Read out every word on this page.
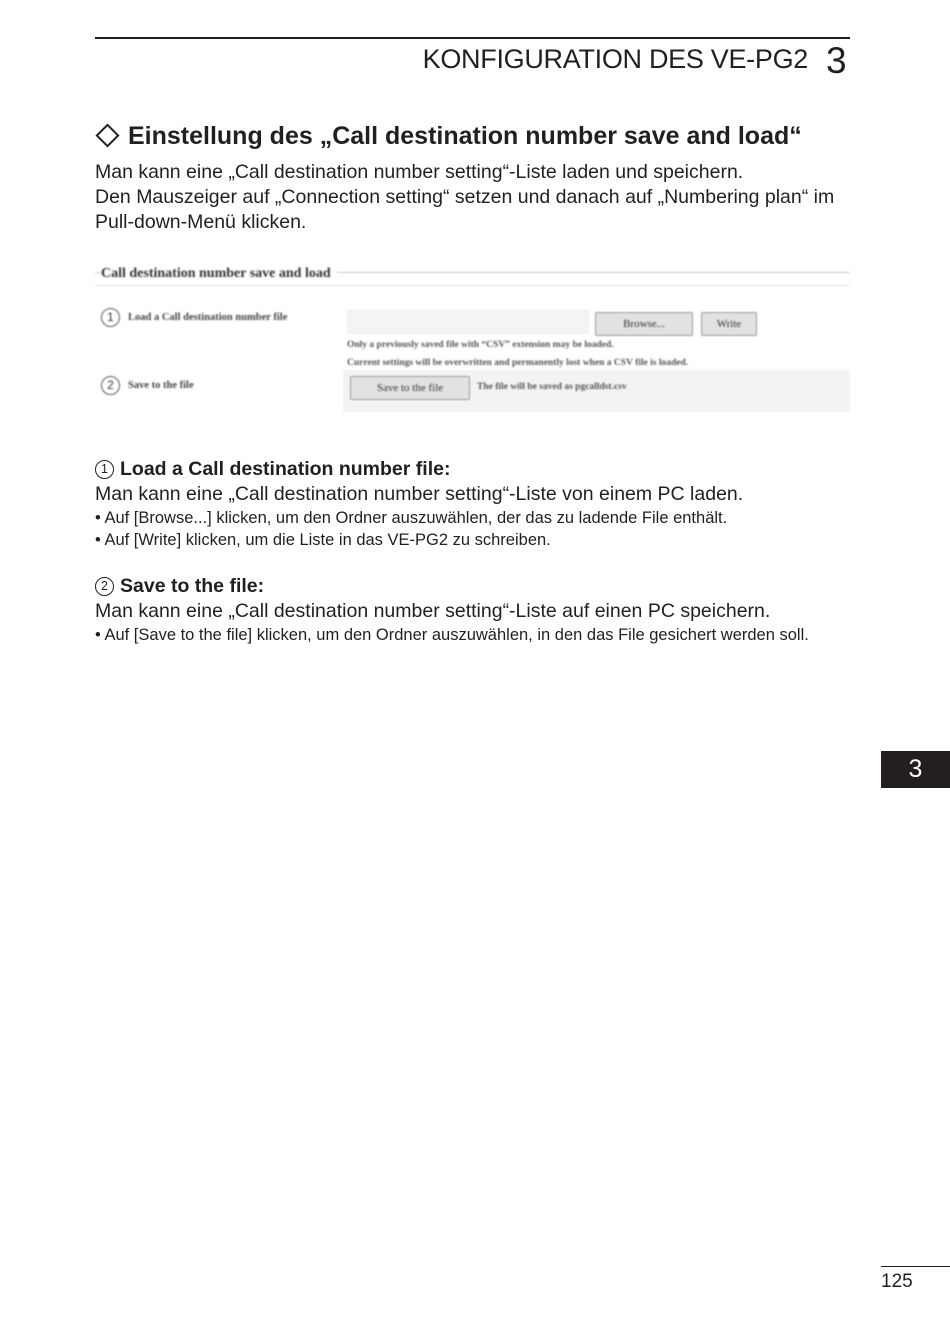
KONFIGURATION DES VE-PG2 3
Einstellung des „Call destination number save and load“
Man kann eine „Call destination number setting“-Liste laden und speichern.
Den Mauszeiger auf „Connection setting“ setzen und danach auf „Numbering plan“ im Pull-down-Menü klicken.
Call destination number save and load
1	Load a Call destination number file
Browse...	Write
Only a previously saved file with “CSV” extension may be loaded.
Current settings will be overwritten and permanently lost when a CSV file is loaded.
2	Save to the file	Save to the file	The file will be saved as pgcalldst.csv
1 Load a Call destination number file:
Man kann eine „Call destination number setting“-Liste von einem PC laden.
• Auf [Browse...] klicken, um den Ordner auszuwählen, der das zu ladende File enthält.
• Auf [Write] klicken, um die Liste in das VE-PG2 zu schreiben.
2 Save to the file:
Man kann eine „Call destination number setting“-Liste auf einen PC speichern.
• Auf [Save to the file] klicken, um den Ordner auszuwählen, in den das File gesichert werden soll.
3
125
